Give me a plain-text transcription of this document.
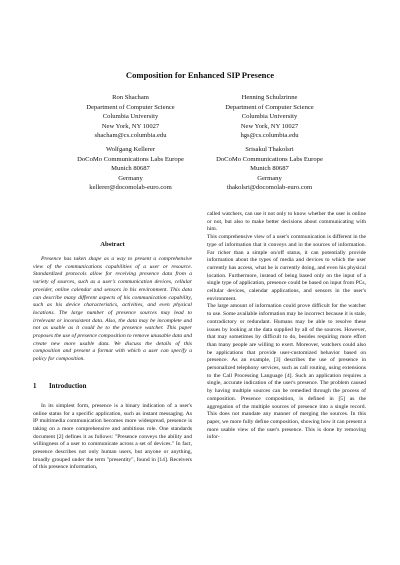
Composition for Enhanced SIP Presence
Ron Shacham
Department of Computer Science
Columbia University
New York, NY 10027
shacham@cs.columbia.edu
Henning Schulzrinne
Department of Computer Science
Columbia University
New York, NY 10027
hgs@cs.columbia.edu
Wolfgang Kellerer
DoCoMo Communications Labs Europe
Munich 80687
Germany
kellerer@docomolab-euro.com
Srisakul Thakolsri
DoCoMo Communications Labs Europe
Munich 80687
Germany
thakolsri@docomolab-euro.com
Abstract

Presence has taken shape as a way to present a comprehensive view of the communications capabilities of a user or resource. Standardized protocols allow for receiving presence data from a variety of sources, such as a user's communication devices, cellular provider, online calendar and sensors in his environment. This data can describe many different aspects of his communication capability, such as his device characteristics, activities, and even physical locations. The large number of presence sources may lead to irrelevant or inconsistent data. Also, the data may be incomplete and not as usable as it could be to the presence watcher. This paper proposes the use of presence composition to remove unusable data and create new more usable data. We discuss the details of this composition and present a format with which a user can specify a policy for composition.

1 Introduction

In its simplest form, presence is a binary indication of a user's online status for a specific application, such as instant messaging. As IP multimedia communication becomes more widespread, presence is taking on a more comprehensive and ambitious role. One standards document [2] defines it as follows: "Presence conveys the ability and willingness of a user to communicate across a set of devices." In fact, presence describes not only human users, but anyone or anything, broadly grouped under the term "presentity", found in [14]. Receivers of this presence information,

called watchers, can use it not only to know whether the user is online or not, but also to make better decisions about communicating with him.

This comprehensive view of a user's communication is different in the type of information that it conveys and in the sources of information. Far richer than a simple on/off status, it can potentially provide information about the types of media and devices to which the user currently has access, what he is currently doing, and even his physical location. Furthermore, instead of being based only on the input of a single type of application, presence could be based on input from PCs, cellular devices, calendar applications, and sensors in the user's environment.

The large amount of information could prove difficult for the watcher to use. Some available information may be incorrect because it is stale, contradictory or redundant. Humans may be able to resolve these issues by looking at the data supplied by all of the sources. However, that may sometimes by difficult to do, besides requiring more effort than many people are willing to exert. Moreover, watchers could also be applications that provide user-customized behavior based on presence. As an example, [3] describes the use of presence in personalized telephony services, such as call routing, using extensions to the Call Processing Language [4]. Such an application requires a single, accurate indication of the user's presence. The problem caused by having multiple sources can be remedied through the process of composition. Presence composition, is defined in [5] as the aggregation of the multiple sources of presence into a single record. This does not mandate any manner of merging the sources. In this paper, we more fully define composition, showing how it can present a more usable view of the user's presence. This is done by removing infor-
